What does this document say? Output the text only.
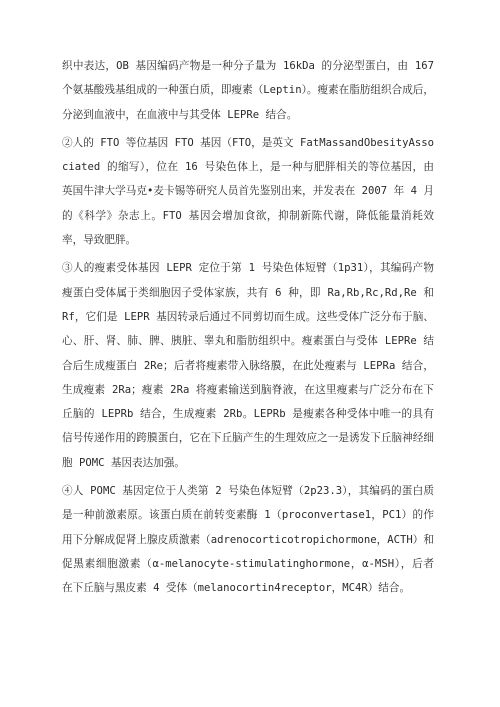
织中表达，OB 基因编码产物是一种分子量为 16kDa 的分泌型蛋白，由 167 个氨基酸残基组成的一种蛋白质，即瘦素（Leptin）。瘦素在脂肪组织合成后，分泌到血液中，在血液中与其受体 LEPRe 结合。

②人的 FTO 等位基因 FTO 基因（FTO，是英文 FatMassandObesityAssociated 的缩写），位在 16 号染色体上，是一种与肥胖相关的等位基因，由英国牛津大学马克•麦卡锡等研究人员首先鉴别出来，并发表在 2007 年 4 月的《科学》杂志上。FTO 基因会增加食欲，抑制新陈代谢，降低能量消耗效率，导致肥胖。

③人的瘦素受体基因 LEPR 定位于第 1 号染色体短臂（1p31），其编码产物瘦蛋白受体属于类细胞因子受体家族，共有 6 种，即 Ra,Rb,Rc,Rd,Re 和 Rf，它们是 LEPR 基因转录后通过不同剪切而生成。这些受体广泛分布于脑、心、肝、肾、肺、脾、胰脏、睾丸和脂肪组织中。瘦素蛋白与受体 LEPRe 结合后生成瘦蛋白 2Re；后者将瘦素带入脉络膜，在此处瘦素与 LEPRa 结合，生成瘦素 2Ra；瘦素 2Ra 将瘦素输送到脑脊液，在这里瘦素与广泛分布在下丘脑的 LEPRb 结合，生成瘦素 2Rb。LEPRb 是瘦素各种受体中唯一的具有信号传递作用的跨膜蛋白，它在下丘脑产生的生理效应之一是诱发下丘脑神经细胞 POMC 基因表达加强。

④人 POMC 基因定位于人类第 2 号染色体短臂（2p23.3），其编码的蛋白质是一种前激素原。该蛋白质在前转变素酶 1（proconvertase1，PC1）的作用下分解成促肾上腺皮质激素（adrenocorticotropichormone，ACTH）和促黑素细胞激素（α-melanocyte-stimulatinghormone，α-MSH），后者在下丘脑与黑皮素 4 受体（melanocortin4receptor，MC4R）结合。
